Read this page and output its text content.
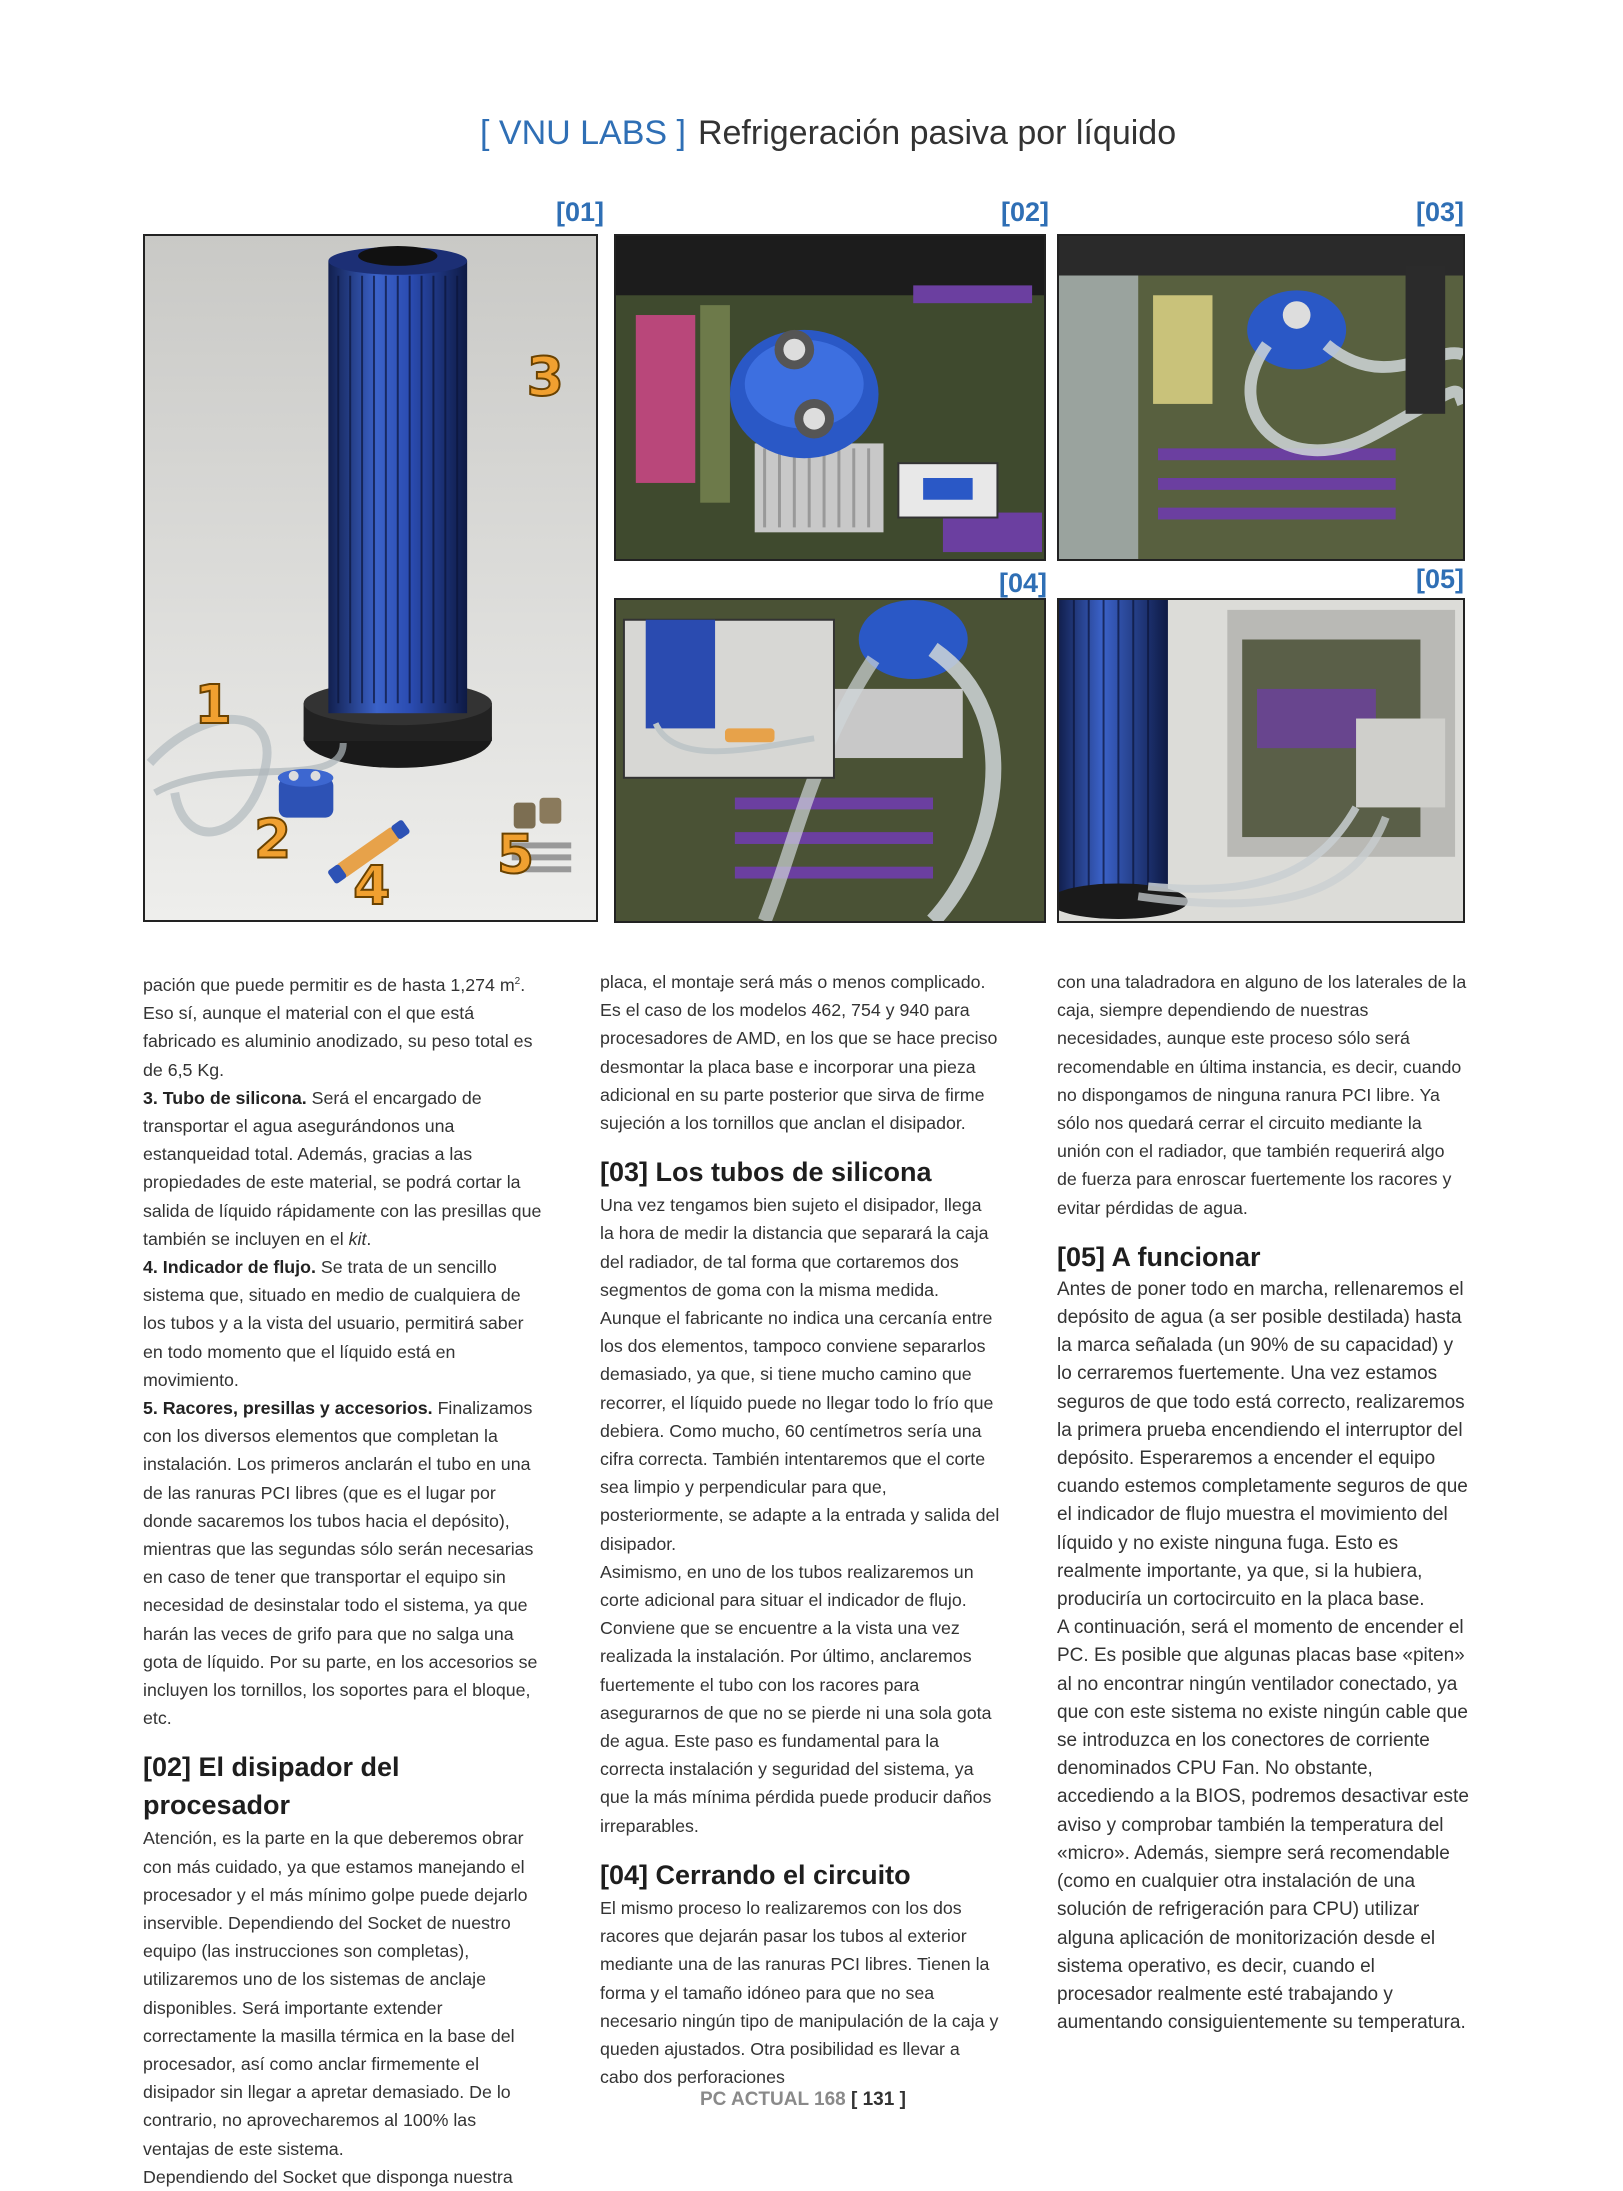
[ VNU LABS ] Refrigeración pasiva por líquido
[01]	[02]	[03]
[04]	[05]
3
1
2
4
5

pación que puede permitir es de hasta 1,274 $m^2$. Eso sí, aunque el material con el que está fabricado es aluminio anodizado, su peso total es de 6,5 Kg.

3. Tubo de silicona. Será el encargado de transportar el agua asegurándonos una estanqueidad total. Además, gracias a las propiedades de este material, se podrá cortar la salida de líquido rápidamente con las presillas que también se incluyen en el kit.

4. Indicador de flujo. Se trata de un sencillo sistema que, situado en medio de cualquiera de los tubos y a la vista del usuario, permitirá saber en todo momento que el líquido está en movimiento.

5. Racores, presillas y accesorios. Finalizamos con los diversos elementos que completan la instalación. Los primeros anclarán el tubo en una de las ranuras PCI libres (que es el lugar por donde sacaremos los tubos hacia el depósito), mientras que las segundas sólo serán necesarias en caso de tener que transportar el equipo sin necesidad de desinstalar todo el sistema, ya que harán las veces de grifo para que no salga una gota de líquido. Por su parte, en los accesorios se incluyen los tornillos, los soportes para el bloque, etc.

[02] El disipador del procesador

Atención, es la parte en la que deberemos obrar con más cuidado, ya que estamos manejando el procesador y el más mínimo golpe puede dejarlo inservible. Dependiendo del Socket de nuestro equipo (las instrucciones son completas), utilizaremos uno de los sistemas de anclaje disponibles. Será importante extender correctamente la masilla térmica en la base del procesador, así como anclar firmemente el disipador sin llegar a apretar demasiado. De lo contrario, no aprovecharemos al 100% las ventajas de este sistema.

Dependiendo del Socket que disponga nuestra

placa, el montaje será más o menos complicado. Es el caso de los modelos 462, 754 y 940 para procesadores de AMD, en los que se hace preciso desmontar la placa base e incorporar una pieza adicional en su parte posterior que sirva de firme sujeción a los tornillos que anclan el disipador.

[03] Los tubos de silicona

Una vez tengamos bien sujeto el disipador, llega la hora de medir la distancia que separará la caja del radiador, de tal forma que cortaremos dos segmentos de goma con la misma medida. Aunque el fabricante no indica una cercanía entre los dos elementos, tampoco conviene separarlos demasiado, ya que, si tiene mucho camino que recorrer, el líquido puede no llegar todo lo frío que debiera. Como mucho, 60 centímetros sería una cifra correcta. También intentaremos que el corte sea limpio y perpendicular para que, posteriormente, se adapte a la entrada y salida del disipador.

Asimismo, en uno de los tubos realizaremos un corte adicional para situar el indicador de flujo. Conviene que se encuentre a la vista una vez realizada la instalación. Por último, anclaremos fuertemente el tubo con los racores para asegurarnos de que no se pierde ni una sola gota de agua. Este paso es fundamental para la correcta instalación y seguridad del sistema, ya que la más mínima pérdida puede producir daños irreparables.

[04] Cerrando el circuito

El mismo proceso lo realizaremos con los dos racores que dejarán pasar los tubos al exterior mediante una de las ranuras PCI libres. Tienen la forma y el tamaño idóneo para que no sea necesario ningún tipo de manipulación de la caja y queden ajustados. Otra posibilidad es llevar a cabo dos perforaciones

con una taladradora en alguno de los laterales de la caja, siempre dependiendo de nuestras necesidades, aunque este proceso sólo será recomendable en última instancia, es decir, cuando no dispongamos de ninguna ranura PCI libre. Ya sólo nos quedará cerrar el circuito mediante la unión con el radiador, que también requerirá algo de fuerza para enroscar fuertemente los racores y evitar pérdidas de agua.

[05] A funcionar

Antes de poner todo en marcha, rellenaremos el depósito de agua (a ser posible destilada) hasta la marca señalada (un 90% de su capacidad) y lo cerraremos fuertemente. Una vez estamos seguros de que todo está correcto, realizaremos la primera prueba encendiendo el interruptor del depósito. Esperaremos a encender el equipo cuando estemos completamente seguros de que el indicador de flujo muestra el movimiento del líquido y no existe ninguna fuga. Esto es realmente importante, ya que, si la hubiera, produciría un cortocircuito en la placa base.

A continuación, será el momento de encender el PC. Es posible que algunas placas base «piten» al no encontrar ningún ventilador conectado, ya que con este sistema no existe ningún cable que se introduzca en los conectores de corriente denominados CPU Fan. No obstante, accediendo a la BIOS, podremos desactivar este aviso y comprobar también la temperatura del «micro». Además, siempre será recomendable (como en cualquier otra instalación de una solución de refrigeración para CPU) utilizar alguna aplicación de monitorización desde el sistema operativo, es decir, cuando el procesador realmente esté trabajando y aumentando consiguientemente su temperatura.

PC ACTUAL 168 [ 131 ]
